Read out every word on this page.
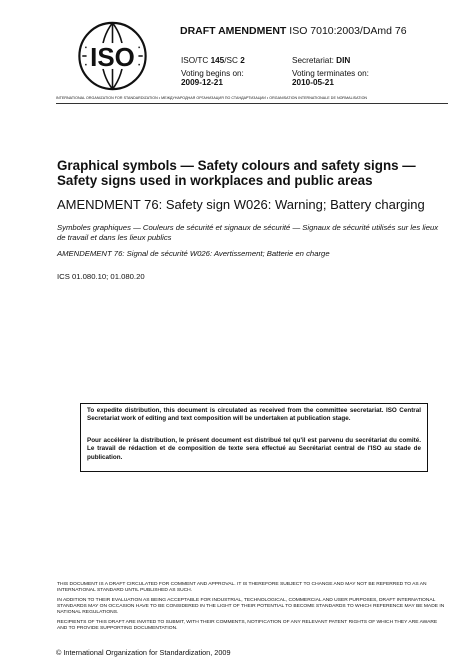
ISO
DRAFT AMENDMENT ISO 7010:2003/DAmd 76
ISO/TC 145/SC 2	Secretariat: DIN
Voting begins on:
2009-12-21
Voting terminates on:
2010-05-21
INTERNATIONAL ORGANIZATION FOR STANDARDIZATION • МЕЖДУНАРОДНАЯ ОРГАНИЗАЦИЯ ПО СТАНДАРТИЗАЦИИ • ORGANISATION INTERNATIONALE DE NORMALISATION
Graphical symbols — Safety colours and safety signs — Safety signs used in workplaces and public areas
AMENDMENT 76: Safety sign W026: Warning; Battery charging
Symboles graphiques — Couleurs de sécurité et signaux de sécurité — Signaux de sécurité utilisés sur les lieux de travail et dans les lieux publics
AMENDEMENT 76: Signal de sécurité W026: Avertissement; Batterie en charge
ICS 01.080.10; 01.080.20
To expedite distribution, this document is circulated as received from the committee secretariat. ISO Central Secretariat work of editing and text composition will be undertaken at publication stage.
Pour accélérer la distribution, le présent document est distribué tel qu'il est parvenu du secrétariat du comité. Le travail de rédaction et de composition de texte sera effectué au Secrétariat central de l'ISO au stade de publication.
THIS DOCUMENT IS A DRAFT CIRCULATED FOR COMMENT AND APPROVAL. IT IS THEREFORE SUBJECT TO CHANGE AND MAY NOT BE REFERRED TO AS AN INTERNATIONAL STANDARD UNTIL PUBLISHED AS SUCH.
IN ADDITION TO THEIR EVALUATION AS BEING ACCEPTABLE FOR INDUSTRIAL, TECHNOLOGICAL, COMMERCIAL AND USER PURPOSES, DRAFT INTERNATIONAL STANDARDS MAY ON OCCASION HAVE TO BE CONSIDERED IN THE LIGHT OF THEIR POTENTIAL TO BECOME STANDARDS TO WHICH REFERENCE MAY BE MADE IN NATIONAL REGULATIONS.
RECIPIENTS OF THIS DRAFT ARE INVITED TO SUBMIT, WITH THEIR COMMENTS, NOTIFICATION OF ANY RELEVANT PATENT RIGHTS OF WHICH THEY ARE AWARE AND TO PROVIDE SUPPORTING DOCUMENTATION.
© International Organization for Standardization, 2009
